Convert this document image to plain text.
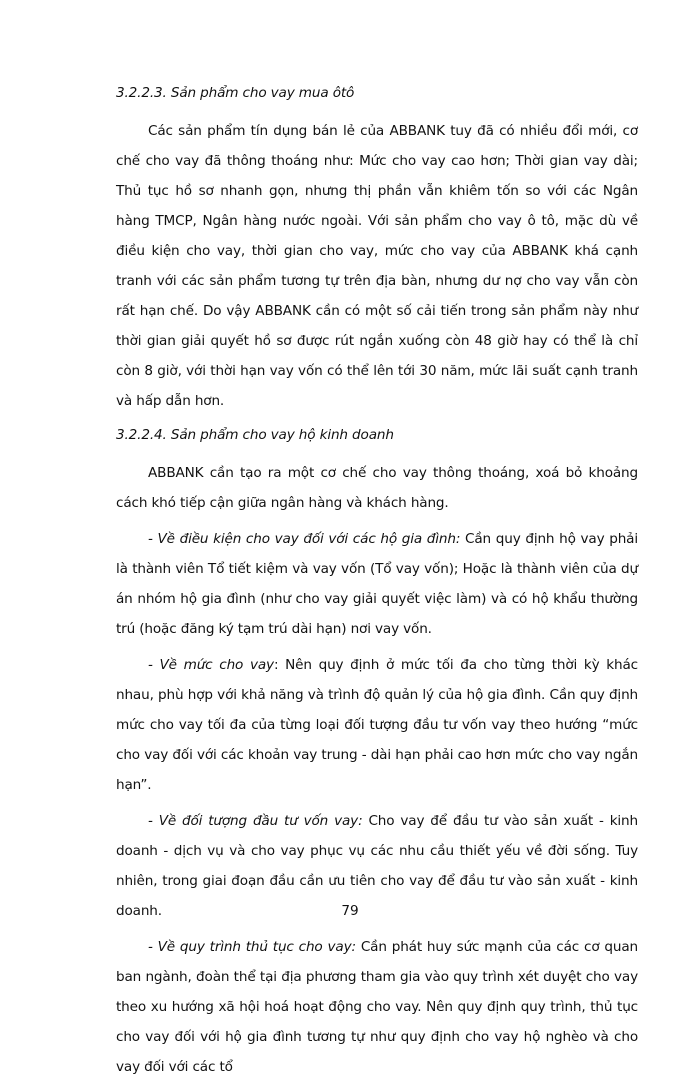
3.2.2.3. Sản phẩm cho vay mua ôtô

Các sản phẩm tín dụng bán lẻ của ABBANK tuy đã có nhiều đổi mới, cơ chế cho vay đã thông thoáng như: Mức cho vay cao hơn; Thời gian vay dài; Thủ tục hồ sơ nhanh gọn, nhưng thị phần vẫn khiêm tốn so với các Ngân hàng TMCP, Ngân hàng nước ngoài. Với sản phẩm cho vay ô tô, mặc dù về điều kiện cho vay, thời gian cho vay, mức cho vay của ABBANK khá cạnh tranh với các sản phẩm tương tự trên địa bàn, nhưng dư nợ cho vay vẫn còn rất hạn chế. Do vậy ABBANK cần có một số cải tiến trong sản phẩm này như thời gian giải quyết hồ sơ được rút ngắn xuống còn 48 giờ hay có thể là chỉ còn 8 giờ, với thời hạn vay vốn có thể lên tới 30 năm, mức lãi suất cạnh tranh và hấp dẫn hơn.

3.2.2.4. Sản phẩm cho vay hộ kinh doanh

ABBANK cần tạo ra một cơ chế cho vay thông thoáng, xoá bỏ khoảng cách khó tiếp cận giữa ngân hàng và khách hàng.

- Về điều kiện cho vay đối với các hộ gia đình: Cần quy định hộ vay phải là thành viên Tổ tiết kiệm và vay vốn (Tổ vay vốn); Hoặc là thành viên của dự án nhóm hộ gia đình (như cho vay giải quyết việc làm) và có hộ khẩu thường trú (hoặc đăng ký tạm trú dài hạn) nơi vay vốn.

- Về mức cho vay: Nên quy định ở mức tối đa cho từng thời kỳ khác nhau, phù hợp với khả năng và trình độ quản lý của hộ gia đình. Cần quy định mức cho vay tối đa của từng loại đối tượng đầu tư vốn vay theo hướng “mức cho vay đối với các khoản vay trung - dài hạn phải cao hơn mức cho vay ngắn hạn”.

- Về đối tượng đầu tư vốn vay: Cho vay để đầu tư vào sản xuất - kinh doanh - dịch vụ và cho vay phục vụ các nhu cầu thiết yếu về đời sống. Tuy nhiên, trong giai đoạn đầu cần ưu tiên cho vay để đầu tư vào sản xuất - kinh doanh.

- Về quy trình thủ tục cho vay: Cần phát huy sức mạnh của các cơ quan ban ngành, đoàn thể tại địa phương tham gia vào quy trình xét duyệt cho vay theo xu hướng xã hội hoá hoạt động cho vay. Nên quy định quy trình, thủ tục cho vay đối với hộ gia đình tương tự như quy định cho vay hộ nghèo và cho vay đối với các tổ

79
